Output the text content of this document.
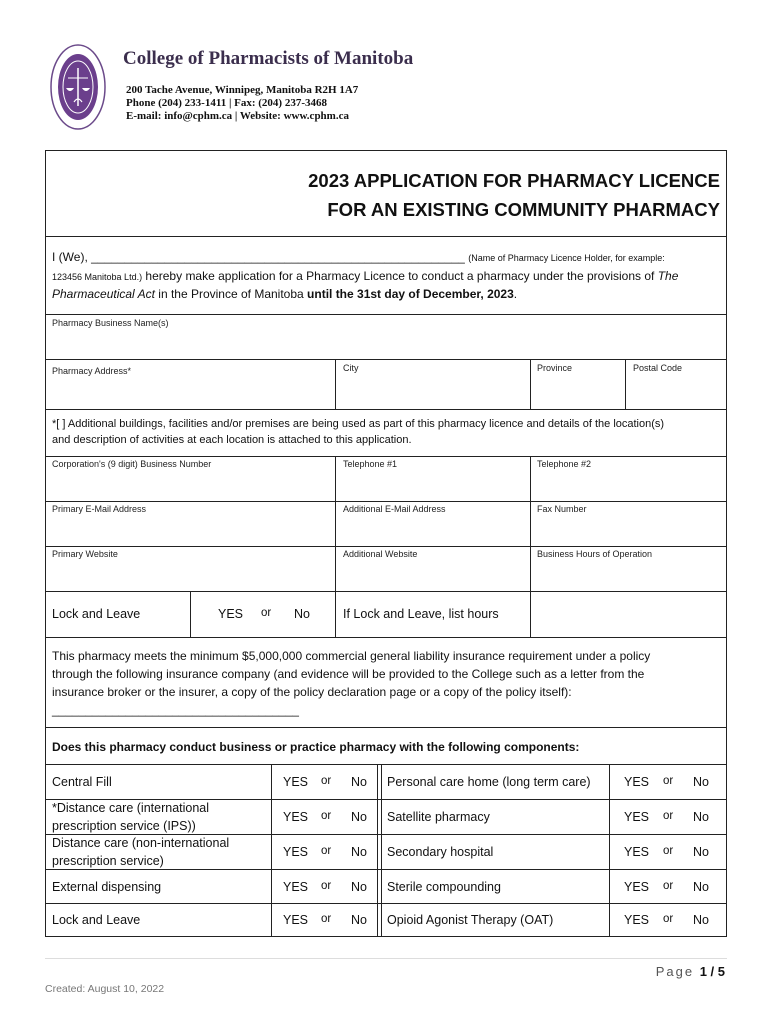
College of Pharmacists of Manitoba
200 Tache Avenue, Winnipeg, Manitoba R2H 1A7
Phone (204) 233-1411 | Fax: (204) 237-3468
E-mail: info@cphm.ca | Website: www.cphm.ca
2023 APPLICATION FOR PHARMACY LICENCE
FOR AN EXISTING COMMUNITY PHARMACY
I (We), ________________________________________________________ (Name of Pharmacy Licence Holder, for example:
123456 Manitoba Ltd.) hereby make application for a Pharmacy Licence to conduct a pharmacy under the provisions of The
Pharmaceutical Act in the Province of Manitoba until the 31st day of December, 2023.
Pharmacy Business Name(s)
Pharmacy Address*	City	Province	Postal Code
*[ ] Additional buildings, facilities and/or premises are being used as part of this pharmacy licence and details of the location(s)
and description of activities at each location is attached to this application.
Corporation's (9 digit) Business Number	Telephone #1	Telephone #2
Primary E-Mail Address	Additional E-Mail Address	Fax Number
Primary Website	Additional Website	Business Hours of Operation
Lock and Leave	YES or No	If Lock and Leave, list hours
This pharmacy meets the minimum $5,000,000 commercial general liability insurance requirement under a policy
through the following insurance company (and evidence will be provided to the College such as a letter from the
insurance broker or the insurer, a copy of the policy declaration page or a copy of the policy itself):
_____________________________________
Does this pharmacy conduct business or practice pharmacy with the following components:
Central Fill	YES or No Personal care home (long term care)	YES or No
*Distance care (international
prescription service (IPS))
YES or No Satellite pharmacy	YES or No
Distance care (non-international
prescription service)
YES or No Secondary hospital	YES or No
External dispensing	YES or No Sterile compounding	YES or No
Lock and Leave	YES or No Opioid Agonist Therapy (OAT)	YES or No
Page 1 / 5
Created: August 10, 2022
